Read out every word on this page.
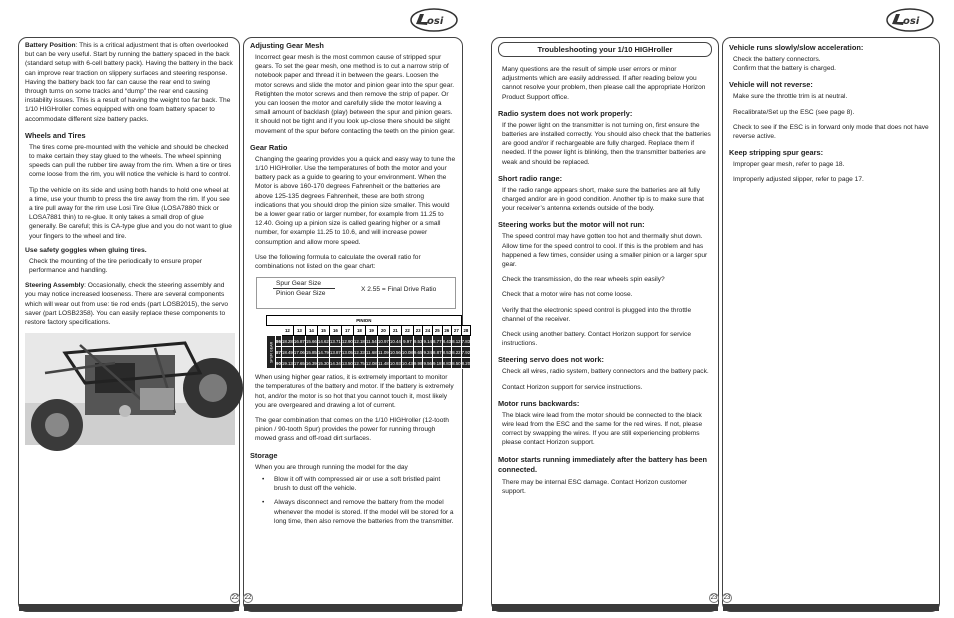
osi	osi

Battery Position: This is a critical adjustment that is often overlooked but can be very useful. Start by running the battery spaced in the back (standard setup with 6-cell battery pack). Having the battery in the back can improve rear traction on slippery surfaces and steering response. Having the battery back too far can cause the rear end to swing through turns on some tracks and “dump” the rear end causing instability issues. This is a result of having the weight too far back. The 1/10 HIGHroller comes equipped with one foam battery spacer to accommodate different size battery packs.

Wheels and Tires

The tires come pre-mounted with the vehicle and should be checked to make certain they stay glued to the wheels. The wheel spinning speeds can pull the rubber tire away from the rim. When a tire or tires come loose from the rim, you will notice the vehicle is hard to control.

Tip the vehicle on its side and using both hands to hold one wheel at a time, use your thumb to press the tire away from the rim. If you see a tire pull away for the rim use Losi Tire Glue (LOSA7880 thick or LOSA7881 thin) to re-glue. It only takes a small drop of glue generally. Be careful; this is CA-type glue and you do not want to glue your fingers to the wheel and tire.

Use safety goggles when gluing tires.

Check the mounting of the tire periodically to ensure proper performance and handling.

Steering Assembly: Occasionally, check the steering assembly and you may notice increased looseness. There are several components which will wear out from use: tie rod ends (part LOSB2015), the servo saver (part LOSB2358). You can easily replace these components to restore factory specifications.

22
Adjusting Gear Mesh

Incorrect gear mesh is the most common cause of stripped spur gears. To set the gear mesh, one method is to cut a narrow strip of notebook paper and thread it in between the gears. Loosen the motor screws and slide the motor and pinion gear into the spur gear. Retighten the motor screws and then remove the strip of paper. Or you can loosen the motor and carefully slide the motor leaving a small amount of backlash (play) between the spur and pinion gears. It should not be tight and if you look up-close there should be slight movement of the spur before contacting the teeth on the pinion gear.

Gear Ratio

Changing the gearing provides you a quick and easy way to tune the 1/10 HIGHroller. Use the temperatures of both the motor and your battery pack as a guide to gearing to your environment. When the Motor is above 160-170 degrees Fahrenheit or the batteries are above 125-135 degrees Fahrenheit, these are both strong indications that you should drop the pinion size smaller. This would be a lower gear ratio or larger number, for example from 11.25 to 12.40. Going up a pinion size is called gearing higher or a small number, for example 11.25 to 10.6, and will increase power consumption and allow more speed.

Use the following formula to calculate the overall ratio for combinations not listed on the gear chart:

Spur Gear Size
Pinion Gear Size
X 2.55 = Final Drive Ratio
PINION																		
		12	13	14	15	16	17	18	19	20	21	22	23	24	25	26	27	28
SPUR GEAR	86	18.28	16.87	15.66	14.62	13.71	12.90	12.18	11.54	10.97	10.44	9.97	9.53	9.14	8.77	8.43	8.12	7.83
	87	18.49	17.06	15.85	14.79	13.87	13.05	12.33	11.68	11.09	10.56	10.08	9.65	9.24	8.87	8.53	8.22	7.92
	90	19.13	17.65	16.39	15.30	14.34	13.50	12.75	12.08	11.48	10.93	10.43	9.98	9.56	9.18	8.83	8.50	8.20

When using higher gear ratios, it is extremely important to monitor the temperatures of the battery and motor. If the battery is extremely hot, and/or the motor is so hot that you cannot touch it, most likely you are overgeared and drawing a lot of current.

The gear combination that comes on the 1/10 HIGHroller (12-tooth pinion / 90-tooth Spur) provides the power for running through mowed grass and off-road dirt surfaces.

Storage

When you are through running the model for the day

• Blow it off with compressed air or use a soft bristled paint brush to dust off the vehicle.
• Always disconnect and remove the battery from the model whenever the model is stored. If the model will be stored for a long time, then also remove the batteries from the transmitter.
22
Troubleshooting your 1/10 HIGHroller

Many questions are the result of simple user errors or minor adjustments which are easily addressed. If after reading below you cannot resolve your problem, then please call the appropriate Horizon Product Support office.

Radio system does not work properly:

If the power light on the transmitter is not turning on, first ensure the batteries are installed correctly. You should also check that the batteries are good and/or if rechargeable are fully charged. Replace them if needed. If the power light is blinking, then the transmitter batteries are weak and should be replaced.

Short radio range:

If the radio range appears short, make sure the batteries are all fully charged and/or are in good condition. Another tip is to make sure that your receiver’s antenna extends outside of the body.

Steering works but the motor will not run:

The speed control may have gotten too hot and thermally shut down. Allow time for the speed control to cool. If this is the problem and has happened a few times, consider using a smaller pinion or a larger spur gear.

Check the transmission, do the rear wheels spin easily?

Check that a motor wire has not come loose.

Verify that the electronic speed control is plugged into the throttle channel of the receiver.

Check using another battery. Contact Horizon support for service instructions.

Steering servo does not work:

Check all wires, radio system, battery connectors and the battery pack.

Contact Horizon support for service instructions.

Motor runs backwards:

The black wire lead from the motor should be connected to the black wire lead from the ESC and the same for the red wires. If not, please correct by swapping the wires. If you are still experiencing problems please contact Horizon support.

Motor starts running immediately after the battery has been connected.

There may be internal ESC damage. Contact Horizon customer support.

23
Vehicle runs slowly/slow acceleration:

Check the battery connectors.

Confirm that the battery is charged.

Vehicle will not reverse:

Make sure the throttle trim is at neutral.

Recalibrate/Set up the ESC (see page 8).

Check to see if the ESC is in forward only mode that does not have reverse active.

Keep stripping spur gears:

Improper gear mesh, refer to page 18.

Improperly adjusted slipper, refer to page 17.

23
